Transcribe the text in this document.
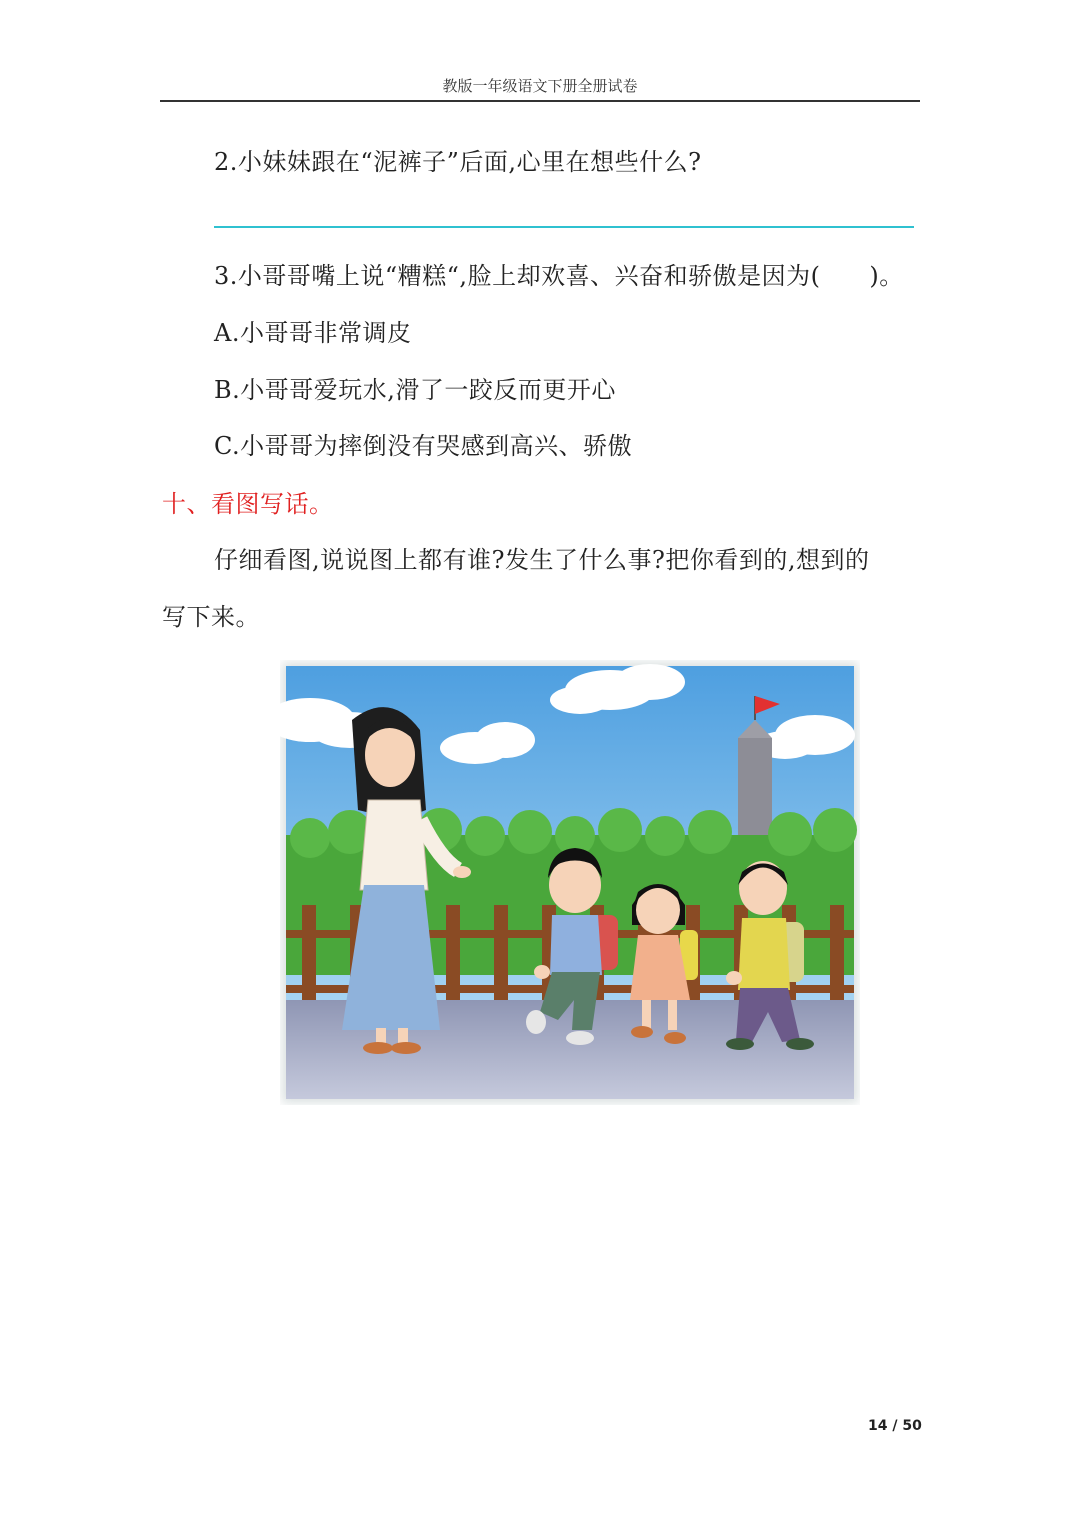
教版一年级语文下册全册试卷
2.小妹妹跟在“泥裤子”后面,心里在想些什么?
3.小哥哥嘴上说“糟糕“,脸上却欢喜、兴奋和骄傲是因为(　　)。
A.小哥哥非常调皮
B.小哥哥爱玩水,滑了一跤反而更开心
C.小哥哥为摔倒没有哭感到高兴、骄傲
十、看图写话。
仔细看图,说说图上都有谁?发生了什么事?把你看到的,想到的
写下来。
14 / 50
